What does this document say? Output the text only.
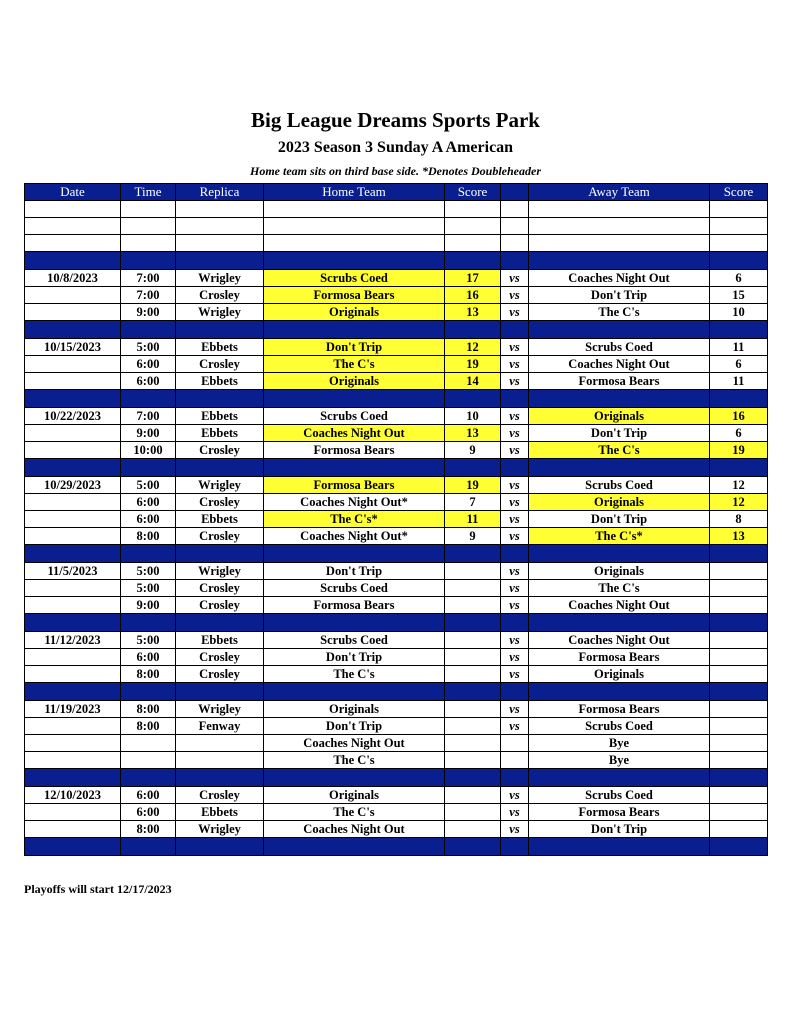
Big League Dreams Sports Park
2023 Season 3 Sunday A American
Home team sits on third base side. *Denotes Doubleheader
Date	Time	Replica	Home Team	Score		Away Team	Score

10/8/2023	7:00	Wrigley	Scrubs Coed	17	vs	Coaches Night Out	6
	7:00	Crosley	Formosa Bears	16	vs	Don't Trip	15
	9:00	Wrigley	Originals	13	vs	The C's	10

10/15/2023	5:00	Ebbets	Don't Trip	12	vs	Scrubs Coed	11
	6:00	Crosley	The C's	19	vs	Coaches Night Out	6
	6:00	Ebbets	Originals	14	vs	Formosa Bears	11

10/22/2023	7:00	Ebbets	Scrubs Coed	10	vs	Originals	16
	9:00	Ebbets	Coaches Night Out	13	vs	Don't Trip	6
	10:00	Crosley	Formosa Bears	9	vs	The C's	19

10/29/2023	5:00	Wrigley	Formosa Bears	19	vs	Scrubs Coed	12
	6:00	Crosley	Coaches Night Out*	7	vs	Originals	12
	6:00	Ebbets	The C's*	11	vs	Don't Trip	8
	8:00	Crosley	Coaches Night Out*	9	vs	The C's*	13

11/5/2023	5:00	Wrigley	Don't Trip		vs	Originals	
	5:00	Crosley	Scrubs Coed		vs	The C's	
	9:00	Crosley	Formosa Bears		vs	Coaches Night Out	

11/12/2023	5:00	Ebbets	Scrubs Coed		vs	Coaches Night Out	
	6:00	Crosley	Don't Trip		vs	Formosa Bears	
	8:00	Crosley	The C's		vs	Originals	

11/19/2023	8:00	Wrigley	Originals		vs	Formosa Bears	
	8:00	Fenway	Don't Trip		vs	Scrubs Coed	
			Coaches Night Out			Bye	
			The C's			Bye	

12/10/2023	6:00	Crosley	Originals		vs	Scrubs Coed	
	6:00	Ebbets	The C's		vs	Formosa Bears	
	8:00	Wrigley	Coaches Night Out		vs	Don't Trip	

Playoffs will start 12/17/2023
